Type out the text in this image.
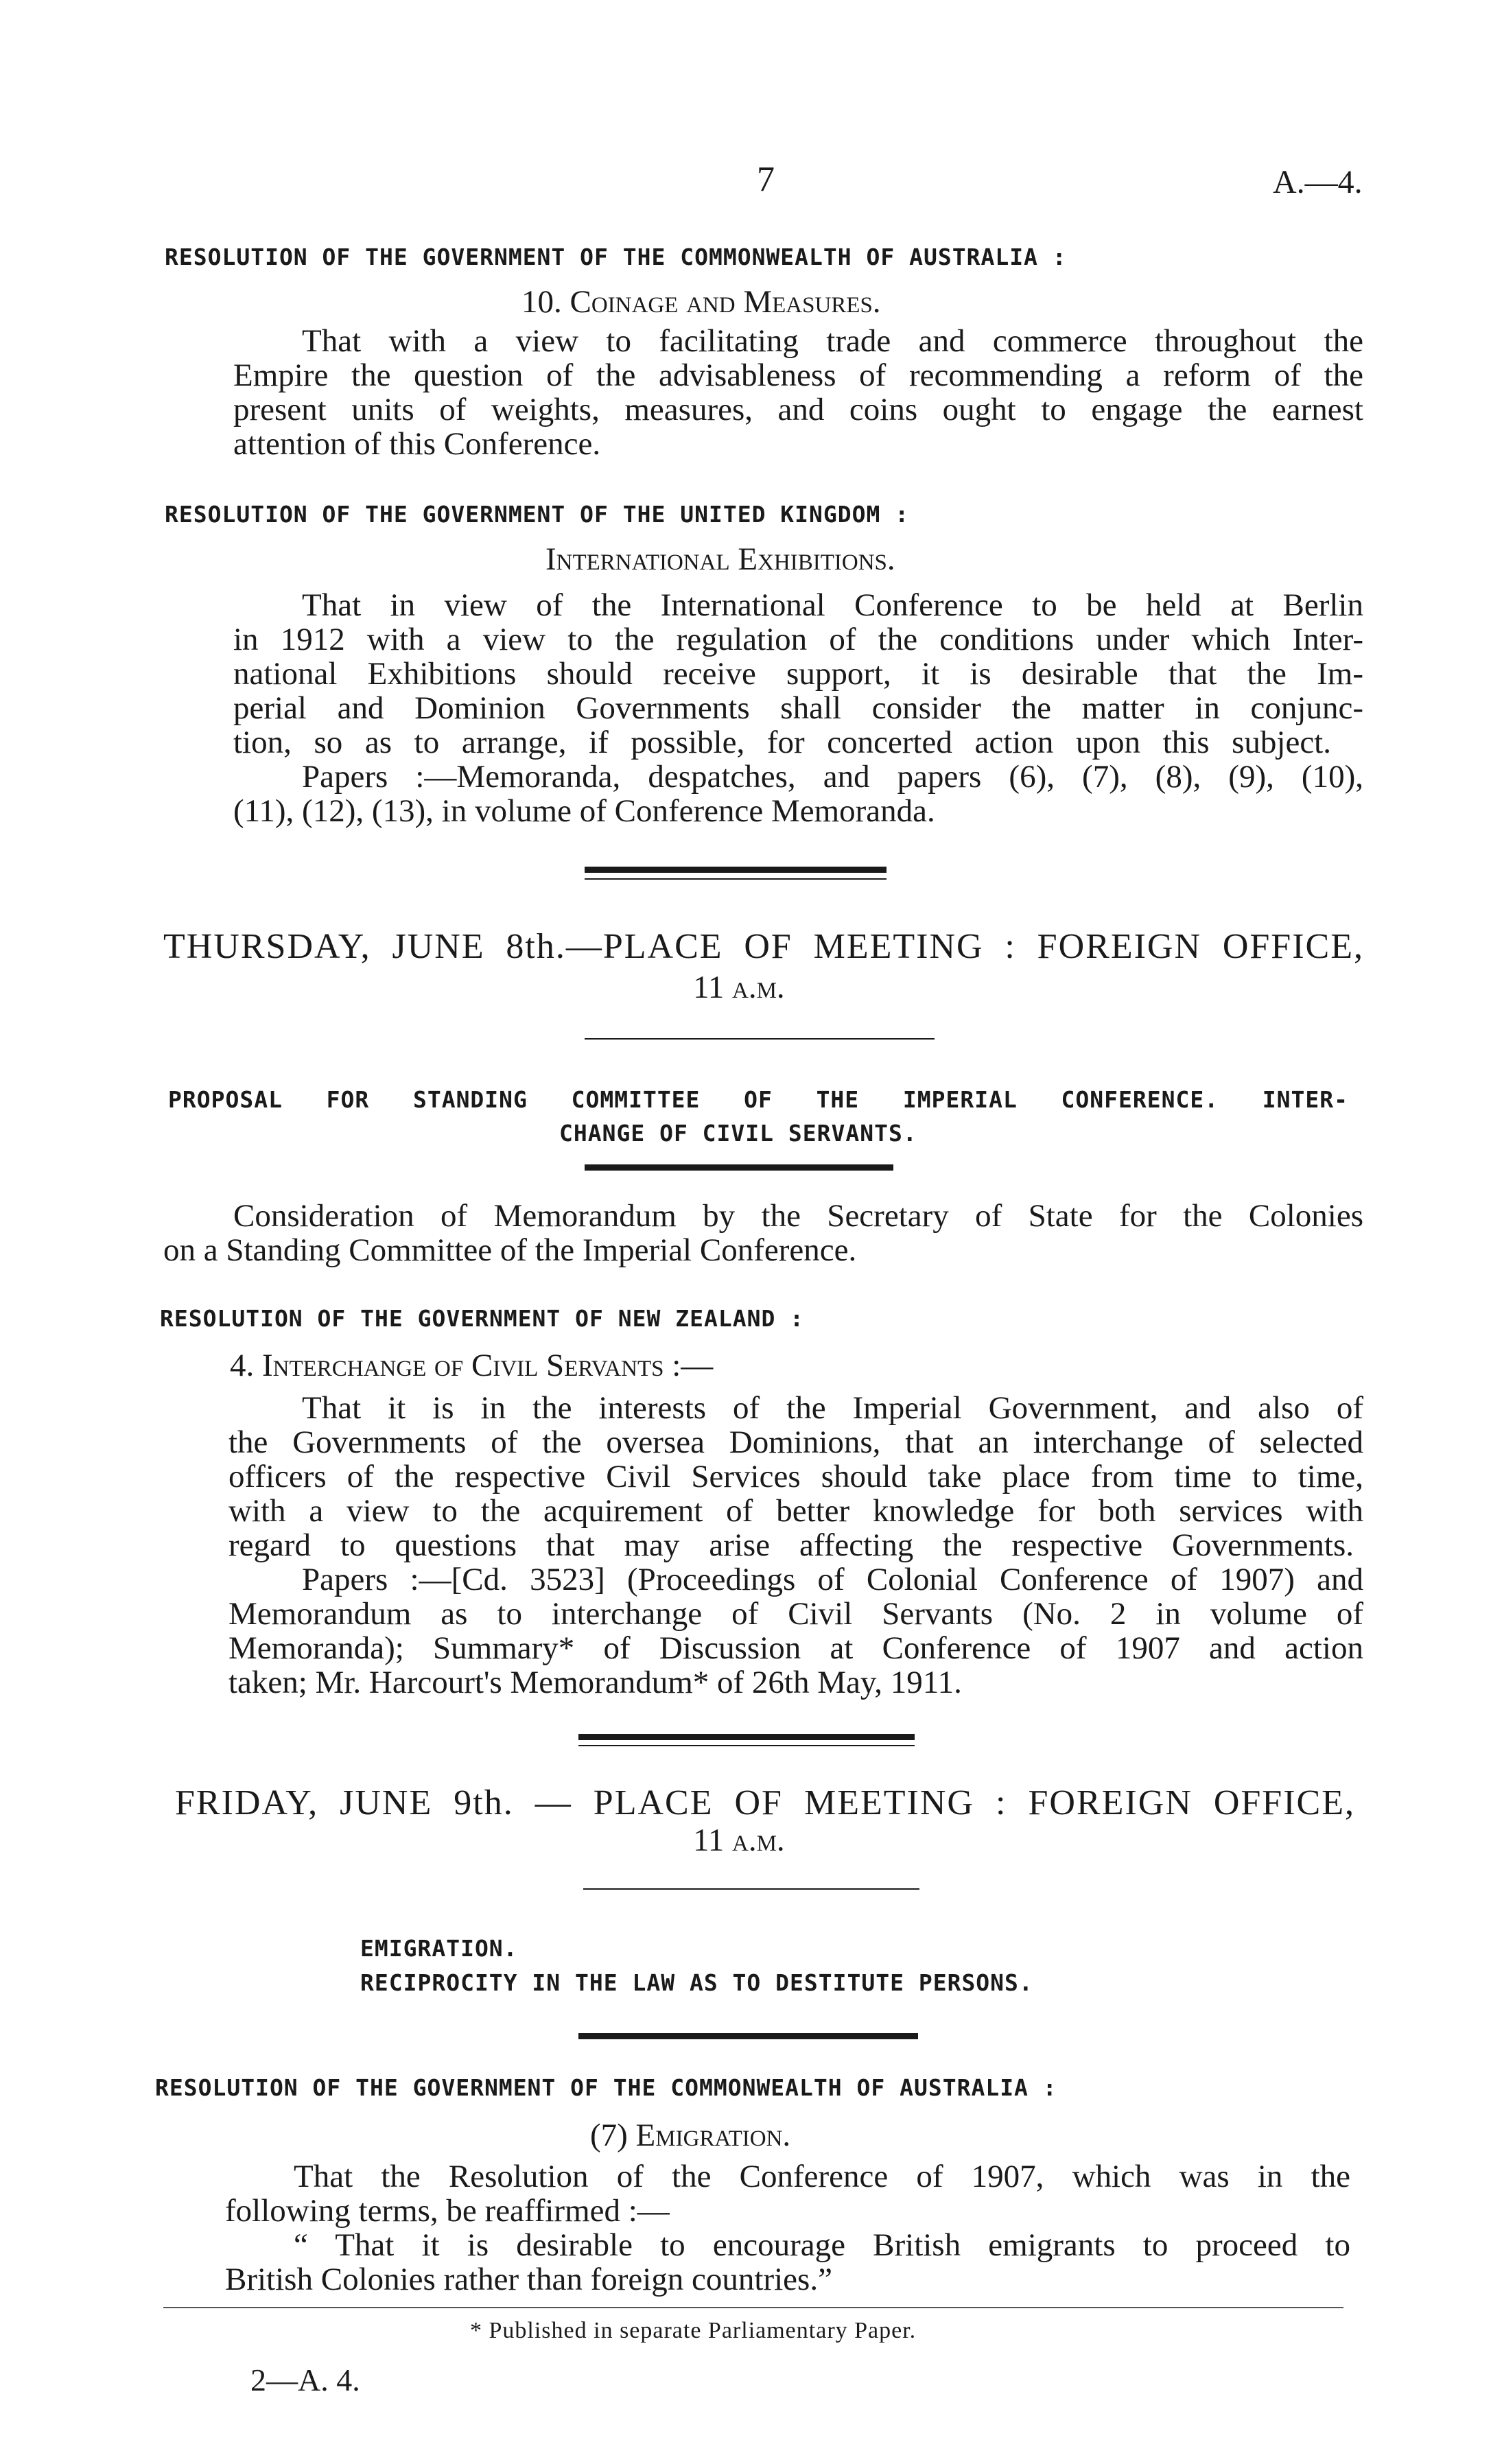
7	A.—4.
RESOLUTION OF THE GOVERNMENT OF THE COMMONWEALTH OF AUSTRALIA :
10. Coinage and Measures.
That with a view to facilitating trade and commerce throughout the
Empire the question of the advisableness of recommending a reform of the
present units of weights, measures, and coins ought to engage the earnest
attention of this Conference.
RESOLUTION OF THE GOVERNMENT OF THE UNITED KINGDOM :
International Exhibitions.
That in view of the International Conference to be held at Berlin
in 1912 with a view to the regulation of the conditions under which Inter-
national Exhibitions should receive support, it is desirable that the Im-
perial and Dominion Governments shall consider the matter in conjunc-
tion, so as to arrange, if possible, for concerted action upon this subject.
Papers :—Memoranda, despatches, and papers (6), (7), (8), (9), (10),
(11), (12), (13), in volume of Conference Memoranda.
THURSDAY, JUNE 8th.—PLACE OF MEETING : FOREIGN OFFICE,
11 a.m.
PROPOSAL FOR STANDING COMMITTEE OF THE IMPERIAL CONFERENCE. INTER-
CHANGE OF CIVIL SERVANTS.
Consideration of Memorandum by the Secretary of State for the Colonies
on a Standing Committee of the Imperial Conference.
RESOLUTION OF THE GOVERNMENT OF NEW ZEALAND :
4. Interchange of Civil Servants :—
That it is in the interests of the Imperial Government, and also of
the Governments of the oversea Dominions, that an interchange of selected
officers of the respective Civil Services should take place from time to time,
with a view to the acquirement of better knowledge for both services with
regard to questions that may arise affecting the respective Governments.
Papers :—[Cd. 3523] (Proceedings of Colonial Conference of 1907) and
Memorandum as to interchange of Civil Servants (No. 2 in volume of
Memoranda); Summary* of Discussion at Conference of 1907 and action
taken; Mr. Harcourt's Memorandum* of 26th May, 1911.
FRIDAY, JUNE 9th. — PLACE OF MEETING : FOREIGN OFFICE,
11 a.m.
EMIGRATION.
RECIPROCITY IN THE LAW AS TO DESTITUTE PERSONS.
RESOLUTION OF THE GOVERNMENT OF THE COMMONWEALTH OF AUSTRALIA :
(7) Emigration.
That the Resolution of the Conference of 1907, which was in the
following terms, be reaffirmed :—
“ That it is desirable to encourage British emigrants to proceed to
British Colonies rather than foreign countries.”
* Published in separate Parliamentary Paper.
2—A. 4.
